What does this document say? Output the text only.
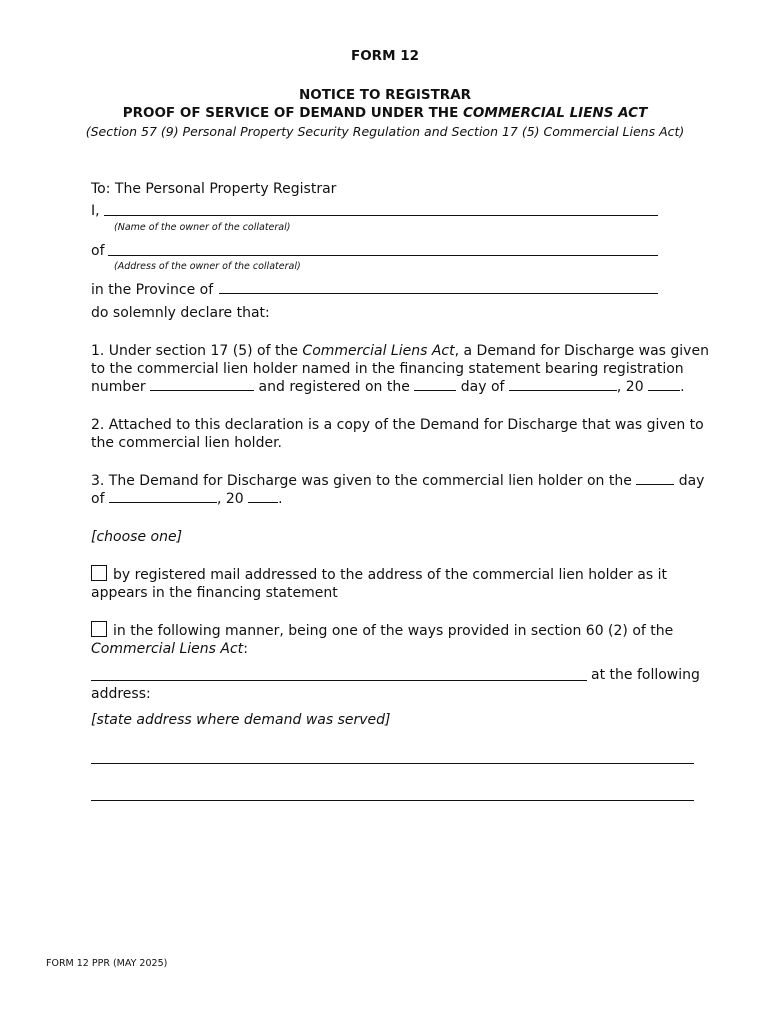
FORM 12
NOTICE TO REGISTRAR
PROOF OF SERVICE OF DEMAND UNDER THE COMMERCIAL LIENS ACT
(Section 57 (9) Personal Property Security Regulation and Section 17 (5) Commercial Liens Act)
To: The Personal Property Registrar
I,
(Name of the owner of the collateral)
of
(Address of the owner of the collateral)
in the Province of
do solemnly declare that:
1. Under section 17 (5) of the Commercial Liens Act, a Demand for Discharge was given
to the commercial lien holder named in the financing statement bearing registration
number	and registered on the	day of	, 20	.
2. Attached to this declaration is a copy of the Demand for Discharge that was given to
the commercial lien holder.
3. The Demand for Discharge was given to the commercial lien holder on the	day
of	, 20 .
[choose one]
by registered mail addressed to the address of the commercial lien holder as it
appears in the financing statement
in the following manner, being one of the ways provided in section 60 (2) of the
Commercial Liens Act:
at the following
address:
[state address where demand was served]
FORM 12 PPR (MAY 2025)
